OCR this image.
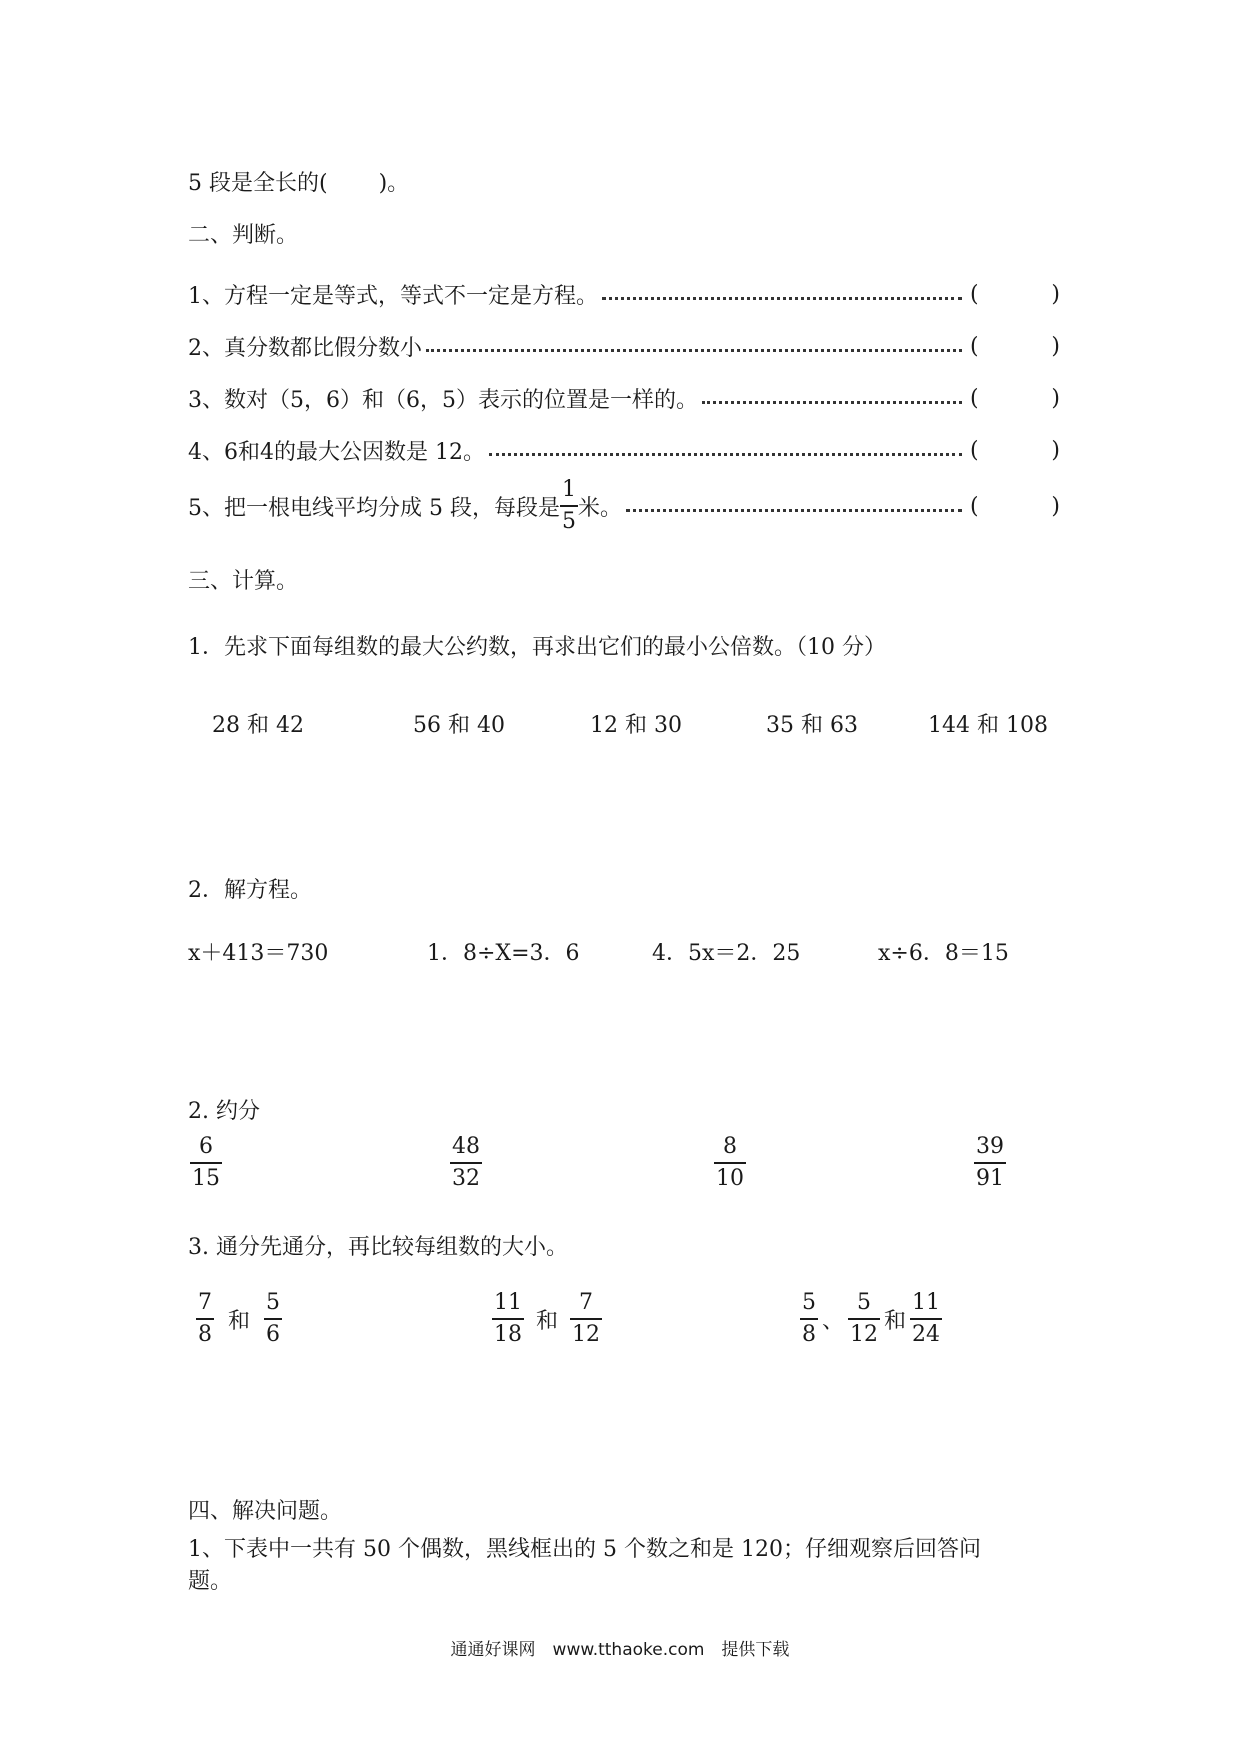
5 段是全长的(　　 )。
二、判断。
1、方程一定是等式，等式不一定是方程。	(	)
2、真分数都比假分数小	(	)
3、数对（5，6）和（6，5）表示的位置是一样的。	(	)
4、6和4的最大公因数是 12。	(	)
5、把一根电线平均分成 5 段，每段是 $\frac{1}{5}$ 米。	(	)
三、计算。
1．先求下面每组数的最大公约数，再求出它们的最小公倍数。（10 分）
28 和 42	56 和 40	12 和 30	35 和 63	144 和 108
2．解方程。
x＋413＝730	1．8÷X=3．6	4．5x＝2．25	x÷6．8＝15
2. 约分
$\frac{6}{15}$	$\frac{48}{32}$	$\frac{8}{10}$	$\frac{39}{91}$
3. 通分先通分，再比较每组数的大小。
$\frac{7}{8}$ 和 $\frac{5}{6}$	$\frac{11}{18}$ 和 $\frac{7}{12}$	$\frac{5}{8}$ 、 $\frac{5}{12}$ 和 $\frac{11}{24}$
四、解决问题。
1、下表中一共有 50 个偶数，黑线框出的 5 个数之和是 120；仔细观察后回答问
题。
通通好课网　www.tthaoke.com　提供下载
